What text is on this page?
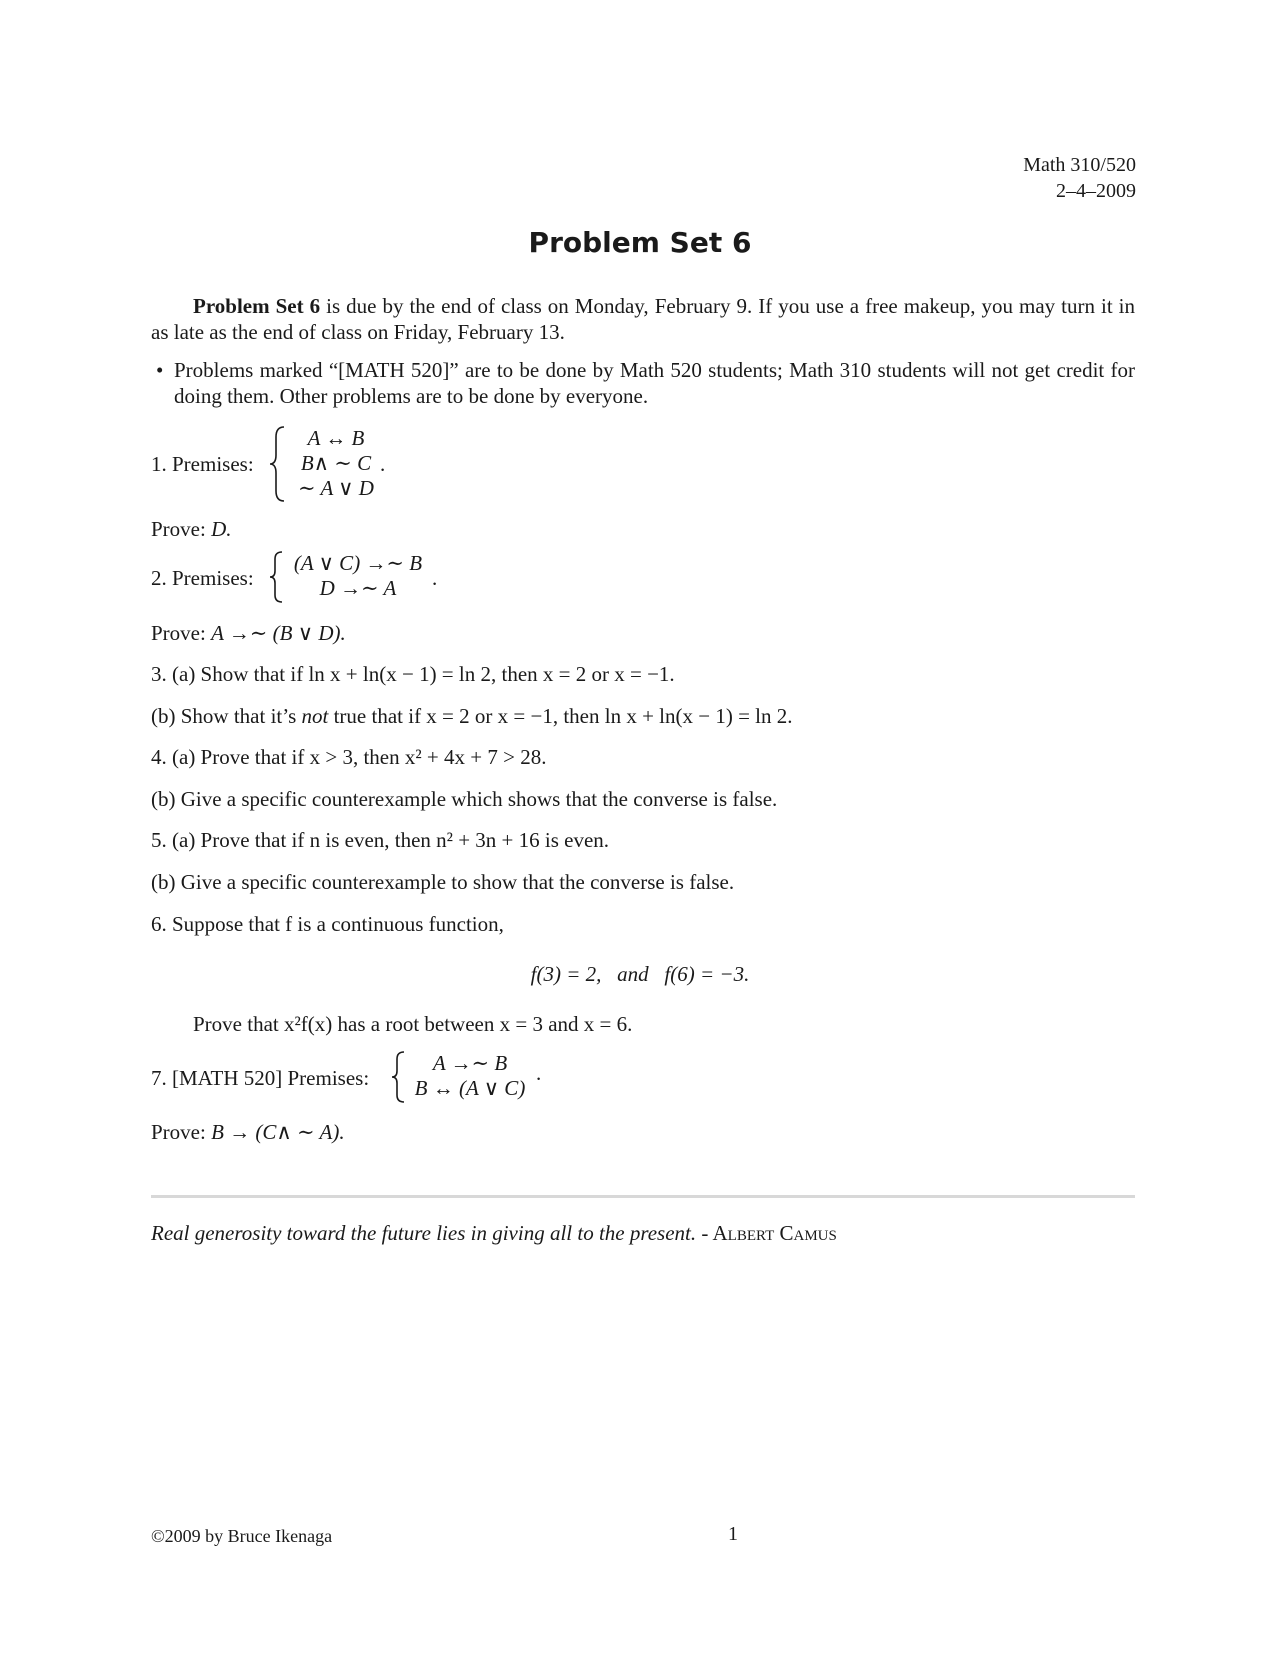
Math 310/520
2–4–2009
Problem Set 6
Problem Set 6 is due by the end of class on Monday, February 9. If you use a free makeup, you may turn it in as late as the end of class on Friday, February 13.
• Problems marked “[MATH 520]” are to be done by Math 520 students; Math 310 students will not get credit for doing them. Other problems are to be done by everyone.
1. Premises:
A ↔ B
B∧ ∼ C
∼ A ∨ D
.
Prove: D.
2. Premises:
(A ∨ C) →∼ B
D →∼ A	.
Prove: A →∼ (B ∨ D).
3. (a) Show that if ln x + ln(x − 1) = ln 2, then x = 2 or x = −1.
(b) Show that it’s not true that if x = 2 or x = −1, then ln x + ln(x − 1) = ln 2.
4. (a) Prove that if x > 3, then x² + 4x + 7 > 28.
(b) Give a specific counterexample which shows that the converse is false.
5. (a) Prove that if n is even, then n² + 3n + 16 is even.
(b) Give a specific counterexample to show that the converse is false.
6. Suppose that f is a continuous function,
f(3) = 2,   and   f(6) = −3.
Prove that x²f(x) has a root between x = 3 and x = 6.
7. [MATH 520] Premises:
A →∼ B
B ↔ (A ∨ C)
.
Prove: B → (C∧ ∼ A).
Real generosity toward the future lies in giving all to the present. - Albert Camus
©2009 by Bruce Ikenaga	1
